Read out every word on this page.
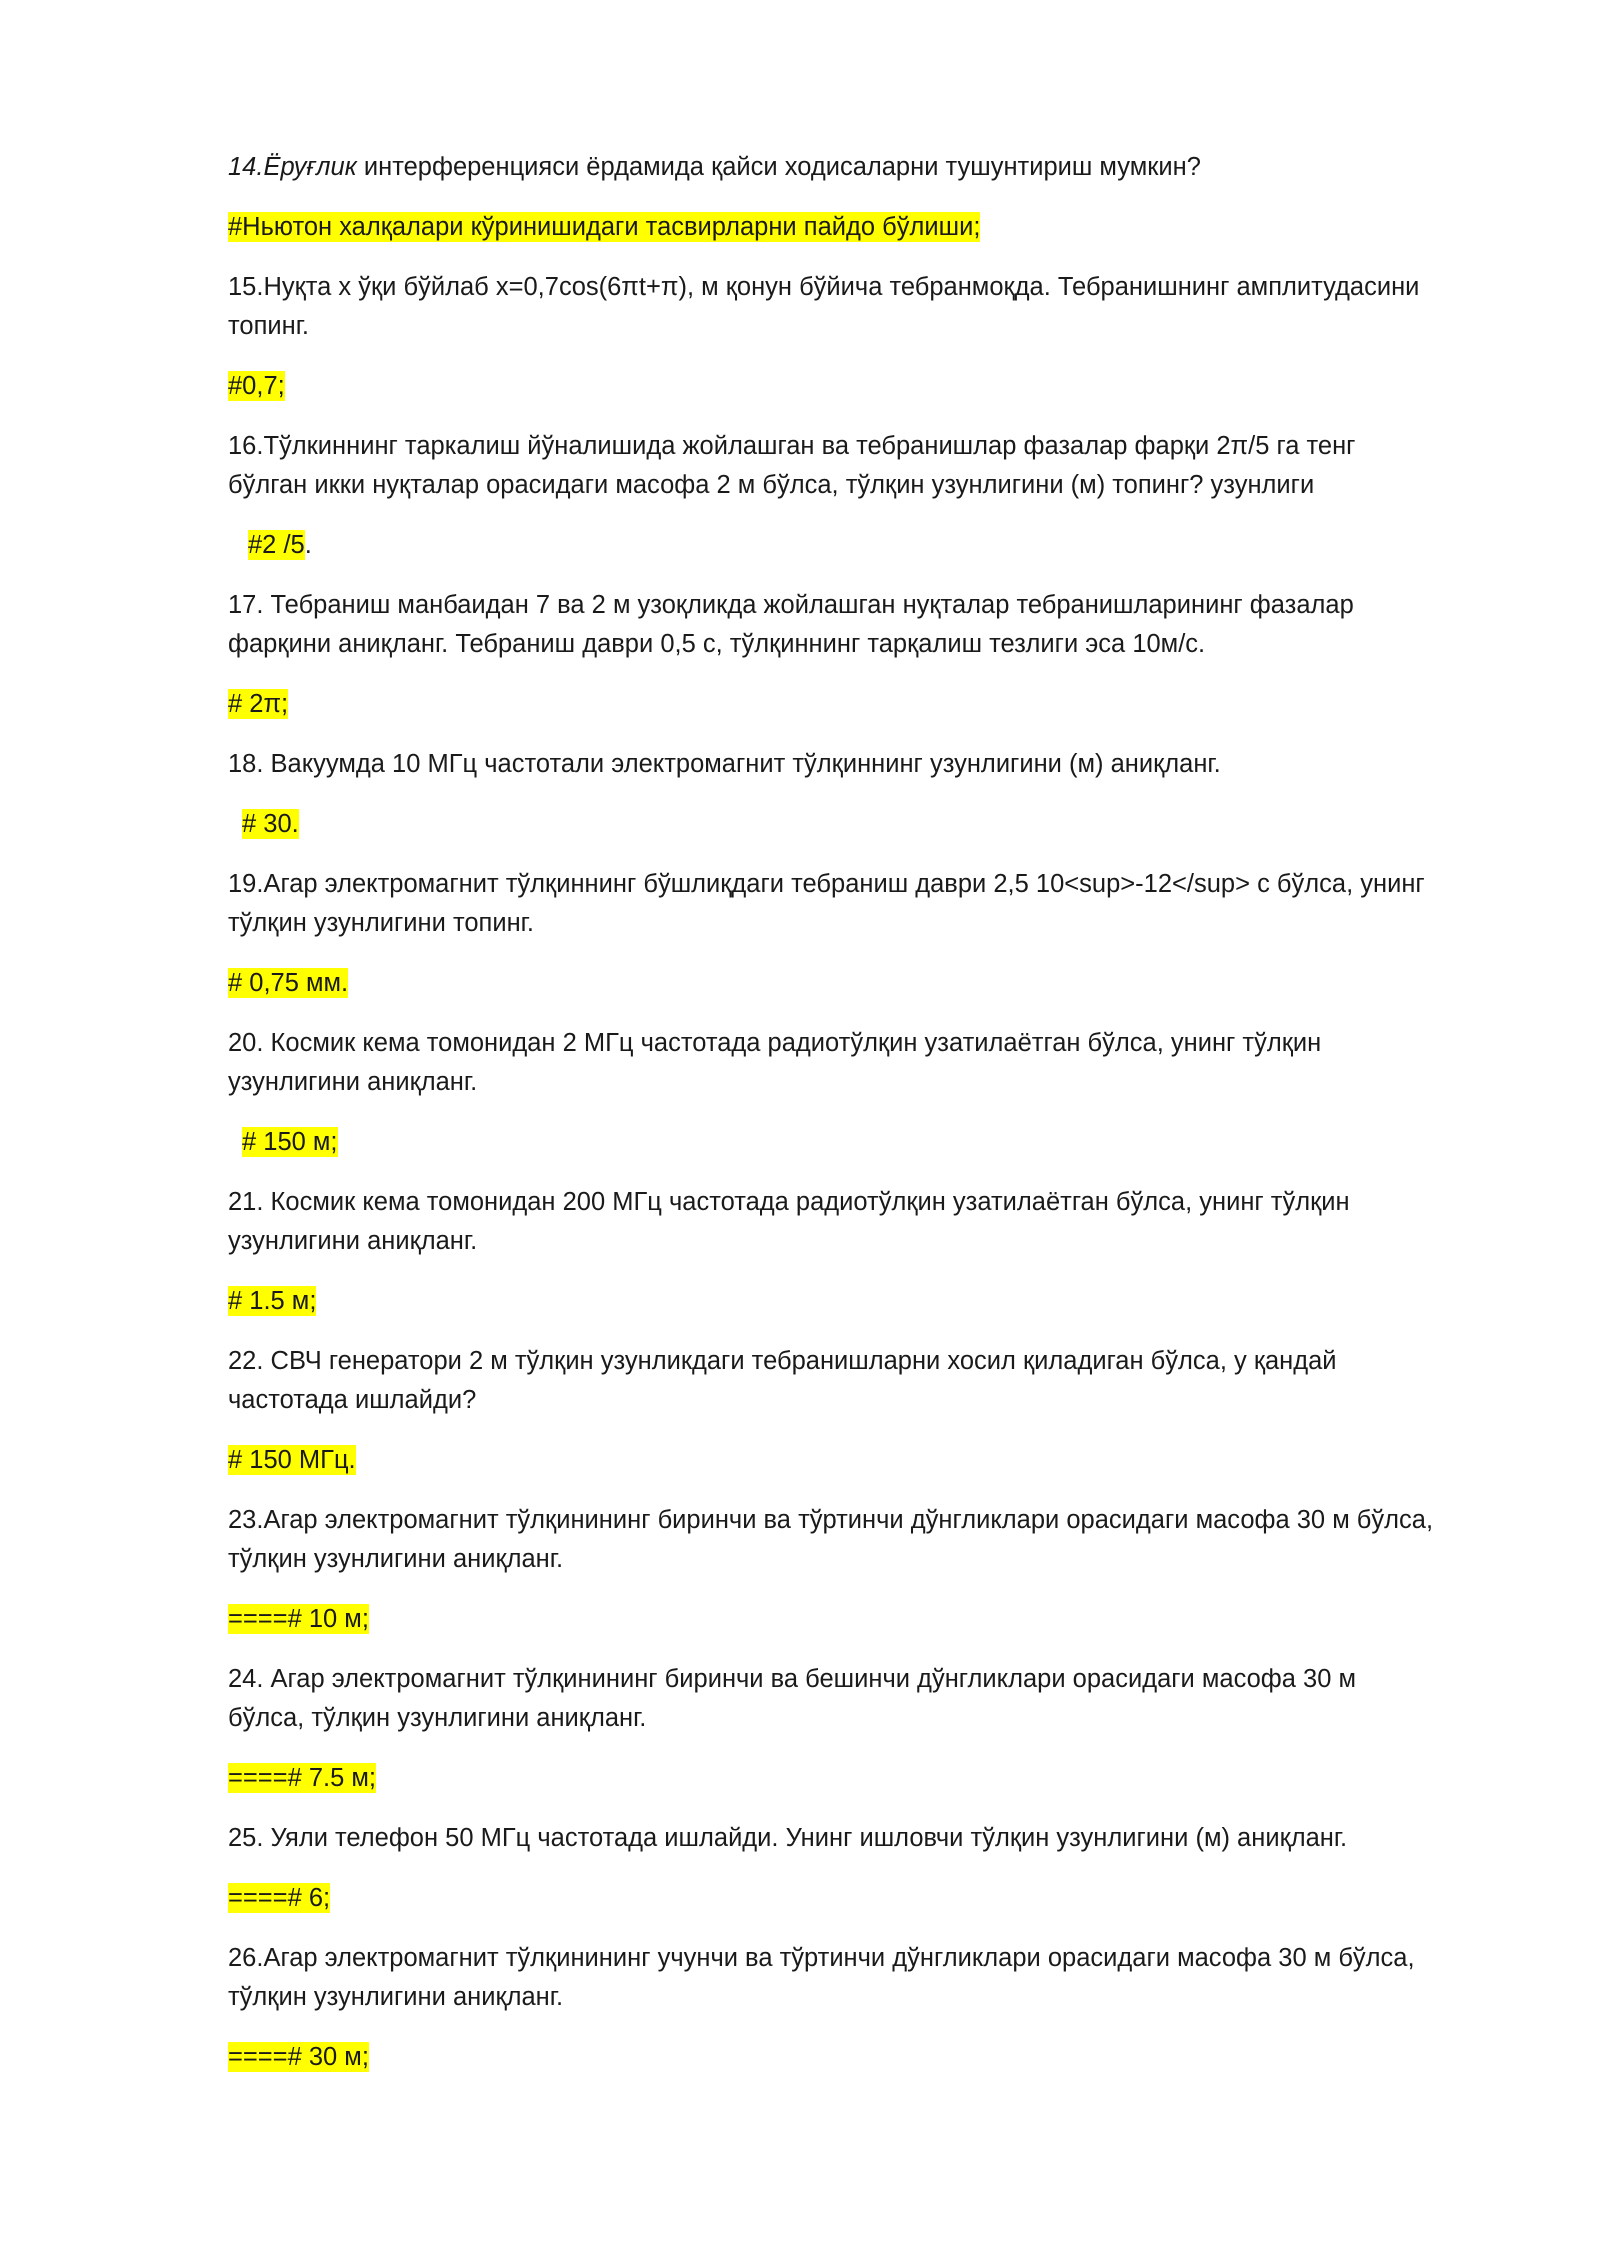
14.Ёруғлик интерференцияси ёрдамида қайси ходисаларни тушунтириш мумкин?

#Ньютон халқалари кўринишидаги тасвирларни пайдо бўлиши;

15.Нуқта х ўқи бўйлаб х=0,7cos(6πt+π), м қонун бўйича тебранмоқда. Тебранишнинг амплитудасини топинг.

#0,7;

16.Тўлкиннинг таркалиш йўналишида жойлашган ва тебранишлар фазалар фарқи 2π/5 га тенг бўлган икки нуқталар орасидаги масофа 2 м бўлса, тўлқин узунлигини (м) топинг? узунлиги

#2 /5.

17. Тебраниш манбаидан 7 ва 2 м узоқликда жойлашган нуқталар тебранишларининг фазалар фарқини аниқланг. Тебраниш даври 0,5 с, тўлқиннинг тарқалиш тезлиги эса 10м/с.

# 2π;

18. Вакуумда 10 МГц частотали электромагнит тўлқиннинг узунлигини (м) аниқланг.

# 30.

19.Агар электромагнит тўлқиннинг бўшлиқдаги тебраниш даври 2,5 10<sup>-12</sup> с бўлса, унинг тўлқин узунлигини топинг.

# 0,75 мм.

20. Космик кема томонидан 2 МГц частотада радиотўлқин узатилаётган бўлса, унинг тўлқин узунлигини аниқланг.

# 150 м;

21. Космик кема томонидан 200 МГц частотада радиотўлқин узатилаётган бўлса, унинг тўлқин узунлигини аниқланг.

# 1.5 м;

22. СВЧ генератори 2 м тўлқин узунликдаги тебранишларни хосил қиладиган бўлса, у қандай частотада ишлайди?

# 150 МГц.

23.Агар электромагнит тўлқинининг биринчи ва тўртинчи дўнгликлари орасидаги масофа 30 м бўлса, тўлқин узунлигини аниқланг.

====# 10 м;

24. Агар электромагнит тўлқинининг биринчи ва бешинчи дўнгликлари орасидаги масофа 30 м бўлса, тўлқин узунлигини аниқланг.

====# 7.5 м;

25. Уяли телефон 50 МГц частотада ишлайди. Унинг ишловчи тўлқин узунлигини (м) аниқланг.

====# 6;

26.Агар электромагнит тўлқинининг учунчи ва тўртинчи дўнгликлари орасидаги масофа 30 м бўлса, тўлқин узунлигини аниқланг.

====# 30 м;
